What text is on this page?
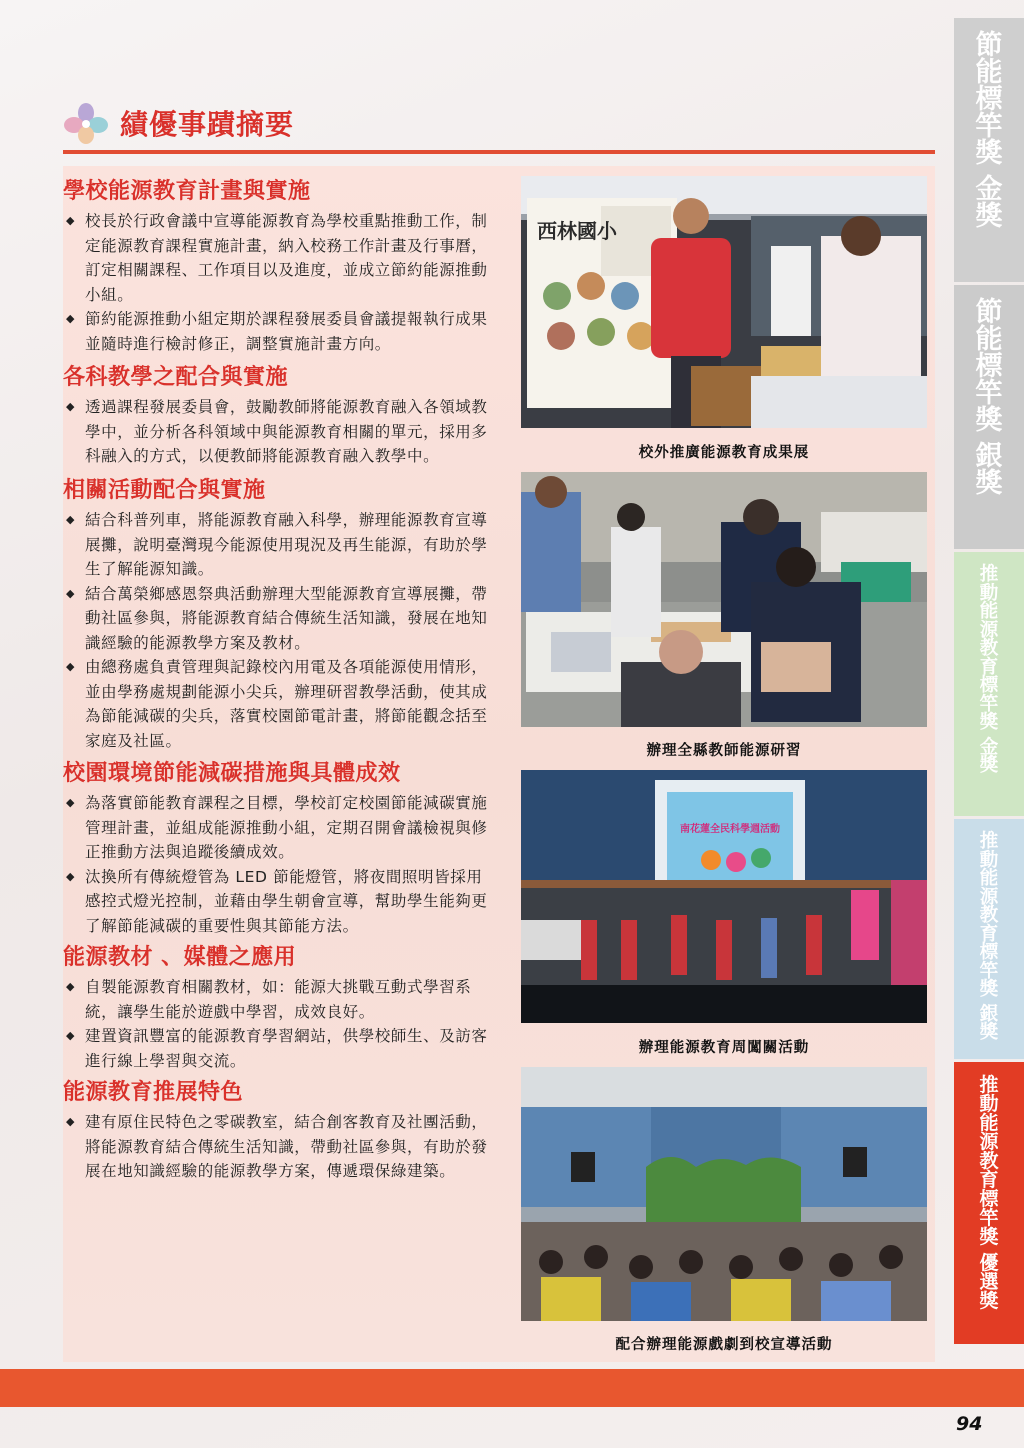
績優事蹟摘要
節
能
標
竿
獎

金
獎

節
能
標
竿
獎

銀
獎

推
動
能
源
教
育
標
竿
獎

金
獎

推
動
能
源
教
育
標
竿
獎

銀
獎

推
動
能
源
教
育
標
竿
獎

優
選
獎

學校能源教育計畫與實施
◆ 校長於行政會議中宣導能源教育為學校重點推動工作，制定能源教育課程實施計畫，納入校務工作計畫及行事曆，訂定相關課程、工作項目以及進度，並成立節約能源推動小組。
◆ 節約能源推動小組定期於課程發展委員會議提報執行成果並隨時進行檢討修正，調整實施計畫方向。
各科教學之配合與實施
◆ 透過課程發展委員會，鼓勵教師將能源教育融入各領域教學中，並分析各科領域中與能源教育相關的單元，採用多科融入的方式，以便教師將能源教育融入教學中。
相關活動配合與實施
◆ 結合科普列車，將能源教育融入科學，辦理能源教育宣導展攤，說明臺灣現今能源使用現況及再生能源，有助於學生了解能源知識。
◆ 結合萬榮鄉感恩祭典活動辦理大型能源教育宣導展攤，帶動社區參與，將能源教育結合傳統生活知識，發展在地知識經驗的能源教學方案及教材。
◆ 由總務處負責管理與記錄校內用電及各項能源使用情形，並由學務處規劃能源小尖兵，辦理研習教學活動，使其成為節能減碳的尖兵，落實校園節電計畫，將節能觀念括至家庭及社區。
校園環境節能減碳措施與具體成效
◆ 為落實節能教育課程之目標，學校訂定校園節能減碳實施管理計畫，並組成能源推動小組，定期召開會議檢視與修正推動方法與追蹤後續成效。
◆ 汰換所有傳統燈管為 LED 節能燈管，將夜間照明皆採用感控式燈光控制，並藉由學生朝會宣導，幫助學生能夠更了解節能減碳的重要性與其節能方法。
能源教材 、媒體之應用
◆ 自製能源教育相關教材，如：能源大挑戰互動式學習系統，讓學生能於遊戲中學習，成效良好。
◆ 建置資訊豐富的能源教育學習網站，供學校師生、及訪客進行線上學習與交流。
能源教育推展特色
◆ 建有原住民特色之零碳教室，結合創客教育及社團活動，將能源教育結合傳統生活知識，帶動社區參與，有助於發展在地知識經驗的能源教學方案，傳遞環保綠建築。
西林國小
校外推廣能源教育成果展
辦理全縣教師能源研習
南花蓮全民科學週活動
辦理能源教育周闖關活動
配合辦理能源戲劇到校宣導活動
94
